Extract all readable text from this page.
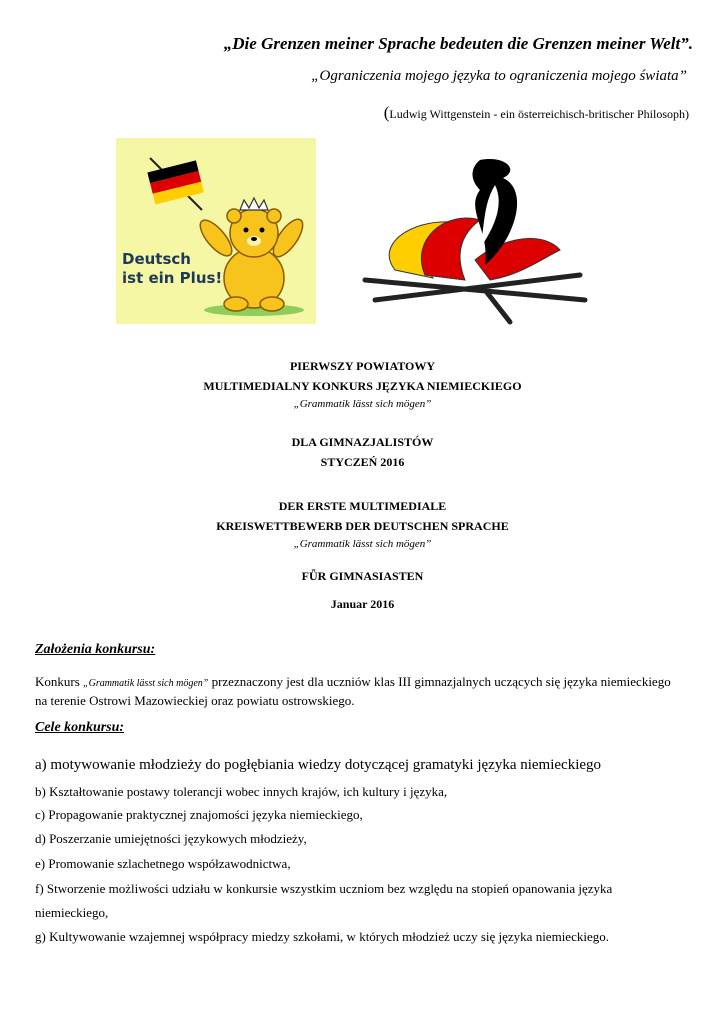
„Die Grenzen meiner Sprache bedeuten die Grenzen meiner Welt”.
„Ograniczenia mojego języka to ograniczenia mojego świata”
(Ludwig Wittgenstein - ein österreichisch-britischer Philosoph)
Deutsch
ist ein Plus!
PIERWSZY POWIATOWY
MULTIMEDIALNY KONKURS JĘZYKA NIEMIECKIEGO
„Grammatik lässt sich mögen”
DLA GIMNAZJALISTÓW
STYCZEŃ 2016
DER ERSTE MULTIMEDIALE
KREISWETTBEWERB DER DEUTSCHEN SPRACHE
„Grammatik lässt sich mögen”
FǕR GIMNASIASTEN
Januar 2016
Założenia konkursu:
Konkurs „Grammatik lässt sich mögen” przeznaczony jest dla uczniów klas III gimnazjalnych uczących się języka niemieckiego na terenie Ostrowi Mazowieckiej oraz powiatu ostrowskiego.
Cele konkursu:
a) motywowanie młodzieży do pogłębiania wiedzy dotyczącej gramatyki języka niemieckiego
b) Kształtowanie postawy tolerancji wobec innych krajów, ich kultury i języka,
c) Propagowanie praktycznej znajomości języka niemieckiego,
d) Poszerzanie umiejętności językowych młodzieży,
e) Promowanie szlachetnego współzawodnictwa,
f) Stworzenie możliwości udziału w konkursie wszystkim uczniom bez względu na stopień opanowania języka
niemieckiego,
g) Kultywowanie wzajemnej współpracy miedzy szkołami, w których młodzież uczy się języka niemieckiego.
